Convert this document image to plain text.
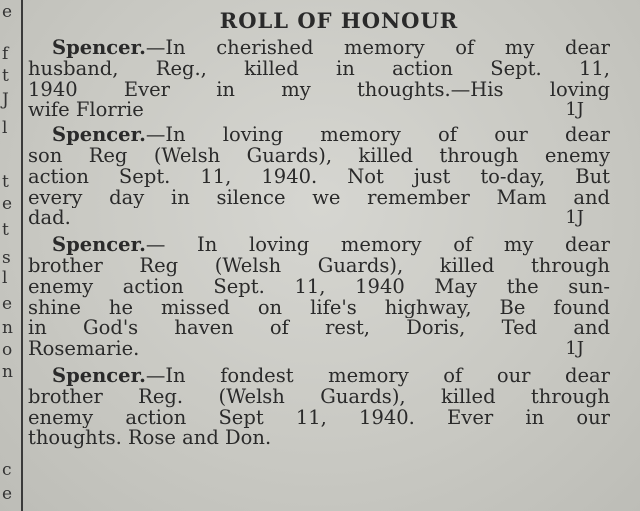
e
f
t
J
l
t
e
t
s
l
e
n
o
n
c
e
ROLL OF HONOUR
Spencer.—In cherished memory of my dear
husband, Reg., killed in action Sept. 11,
1940 Ever in my thoughts.—His loving
wife Florrie	1J
Spencer.—In loving memory of our dear
son Reg (Welsh Guards), killed through enemy
action Sept. 11, 1940. Not just to-day, But
every day in silence we remember Mam and
dad.	1J
Spencer.— In loving memory of my dear
brother Reg (Welsh Guards), killed through
enemy action Sept. 11, 1940 May the sun-
shine he missed on life's highway, Be found
in God's haven of rest, Doris, Ted and
Rosemarie.	1J
Spencer.—In fondest memory of our dear
brother Reg. (Welsh Guards), killed through
enemy action Sept 11, 1940. Ever in our
thoughts. Rose and Don.
